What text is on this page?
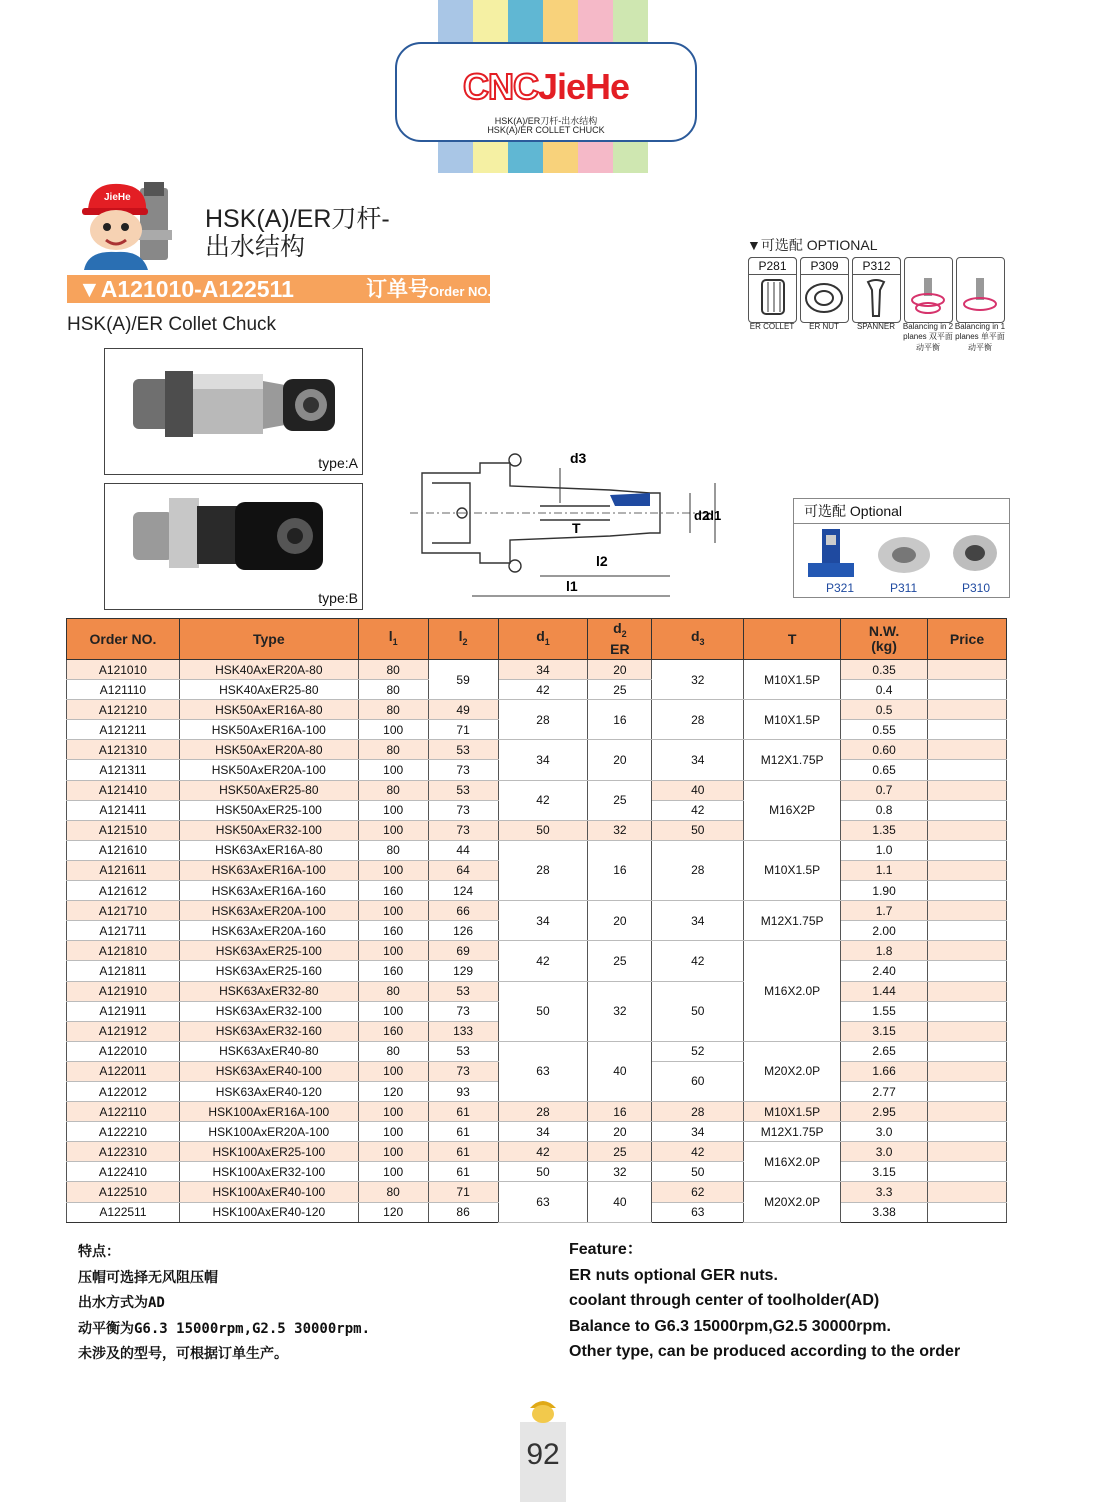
CNCJieHe
HSK(A)/ER刀杆-出水结构
HSK(A)/ER COLLET CHUCK
JieHe
HSK(A)/ER刀杆-
出水结构
▼A121010-A122511	订单号Order NO.
HSK(A)/ER Collet Chuck
▼可选配 OPTIONAL
P281
ER COLLET
P309
ER NUT
P312
SPANNER Balancing in 2 planes 双平面动平衡
Balancing in 1 planes 单平面动平衡
type:A
type:B
d3
T
l2
l1
d2
d1	可选配 Optional
P321	P311	P310
Order NO.	Type	$l_1$	$l_2$	$d_1$	$d_2$
ER	$d_3$	T	N.W.
(kg)	Price
A121010	HSK40AxER20A-80	80	59	34	20	32	M10X1.5P	0.35	
A121110	HSK40AxER25-80	80		42	25			0.4	
A121210	HSK50AxER16A-80	80	49	28	16	28	M10X1.5P	0.5	
A121211	HSK50AxER16A-100	100	71					0.55	
A121310	HSK50AxER20A-80	80	53	34	20	34	M12X1.75P	0.60	
A121311	HSK50AxER20A-100	100	73					0.65	
A121410	HSK50AxER25-80	80	53	42	25	40	M16X2P	0.7	
A121411	HSK50AxER25-100	100	73			42		0.8	
A121510	HSK50AxER32-100	100	73	50	32	50		1.35	
A121610	HSK63AxER16A-80	80	44	28	16	28	M10X1.5P	1.0	
A121611	HSK63AxER16A-100	100	64					1.1	
A121612	HSK63AxER16A-160	160	124					1.90	
A121710	HSK63AxER20A-100	100	66	34	20	34	M12X1.75P	1.7	
A121711	HSK63AxER20A-160	160	126					2.00	
A121810	HSK63AxER25-100	100	69	42	25	42	M16X2.0P	1.8	
A121811	HSK63AxER25-160	160	129					2.40	
A121910	HSK63AxER32-80	80	53	50	32	50		1.44	
A121911	HSK63AxER32-100	100	73					1.55	
A121912	HSK63AxER32-160	160	133					3.15	
A122010	HSK63AxER40-80	80	53	63	40	52	M20X2.0P	2.65	
A122011	HSK63AxER40-100	100	73			60		1.66	
A122012	HSK63AxER40-120	120	93					2.77	
A122110	HSK100AxER16A-100	100	61	28	16	28	M10X1.5P	2.95	
A122210	HSK100AxER20A-100	100	61	34	20	34	M12X1.75P	3.0	
A122310	HSK100AxER25-100	100	61	42	25	42	M16X2.0P	3.0	
A122410	HSK100AxER32-100	100	61	50	32	50		3.15	
A122510	HSK100AxER40-100	80	71	63	40	62	M20X2.0P	3.3	
A122511	HSK100AxER40-120	120	86			63		3.38	
特点：
压帽可选择无风阻压帽
出水方式为AD
动平衡为G6.3 15000rpm,G2.5 30000rpm.
未涉及的型号，可根据订单生产。
Feature：
ER nuts optional GER nuts.
coolant through center of toolholder(AD)
Balance to G6.3 15000rpm,G2.5 30000rpm.
Other type, can be produced according to the order
92
